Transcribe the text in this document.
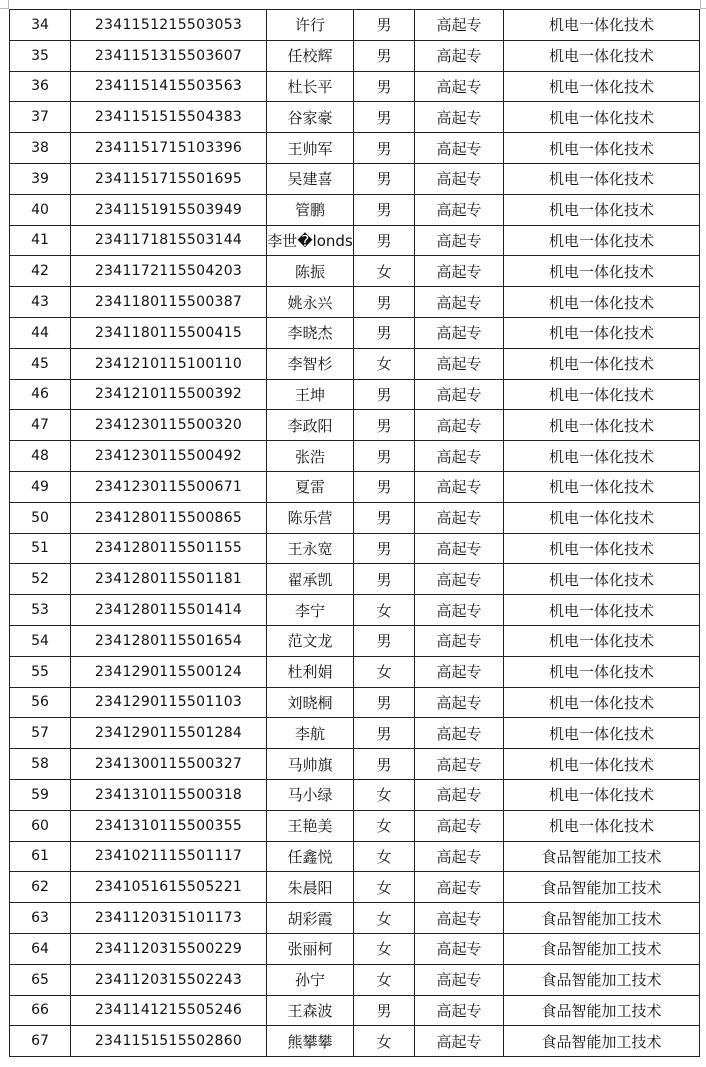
34	2341151215503053	许行	男	高起专	机电一体化技术
35	2341151315503607	任校辉	男	高起专	机电一体化技术
36	2341151415503563	杜长平	男	高起专	机电一体化技术
37	2341151515504383	谷家豪	男	高起专	机电一体化技术
38	2341151715103396	王帅军	男	高起专	机电一体化技术
39	2341151715501695	吴建喜	男	高起专	机电一体化技术
40	2341151915503949	管鹏	男	高起专	机电一体化技术
41	2341171815503144	李世�londs	男	高起专	机电一体化技术
42	2341172115504203	陈振	女	高起专	机电一体化技术
43	2341180115500387	姚永兴	男	高起专	机电一体化技术
44	2341180115500415	李晓杰	男	高起专	机电一体化技术
45	2341210115100110	李智杉	女	高起专	机电一体化技术
46	2341210115500392	王坤	男	高起专	机电一体化技术
47	2341230115500320	李政阳	男	高起专	机电一体化技术
48	2341230115500492	张浩	男	高起专	机电一体化技术
49	2341230115500671	夏雷	男	高起专	机电一体化技术
50	2341280115500865	陈乐营	男	高起专	机电一体化技术
51	2341280115501155	王永宽	男	高起专	机电一体化技术
52	2341280115501181	翟承凯	男	高起专	机电一体化技术
53	2341280115501414	李宁	女	高起专	机电一体化技术
54	2341280115501654	范文龙	男	高起专	机电一体化技术
55	2341290115500124	杜利娟	女	高起专	机电一体化技术
56	2341290115501103	刘晓桐	男	高起专	机电一体化技术
57	2341290115501284	李航	男	高起专	机电一体化技术
58	2341300115500327	马帅旗	男	高起专	机电一体化技术
59	2341310115500318	马小绿	女	高起专	机电一体化技术
60	2341310115500355	王艳美	女	高起专	机电一体化技术
61	2341021115501117	任鑫悦	女	高起专	食品智能加工技术
62	2341051615505221	朱晨阳	女	高起专	食品智能加工技术
63	2341120315101173	胡彩霞	女	高起专	食品智能加工技术
64	2341120315500229	张丽柯	女	高起专	食品智能加工技术
65	2341120315502243	孙宁	女	高起专	食品智能加工技术
66	2341141215505246	王森波	男	高起专	食品智能加工技术
67	2341151515502860	熊攀攀	女	高起专	食品智能加工技术
